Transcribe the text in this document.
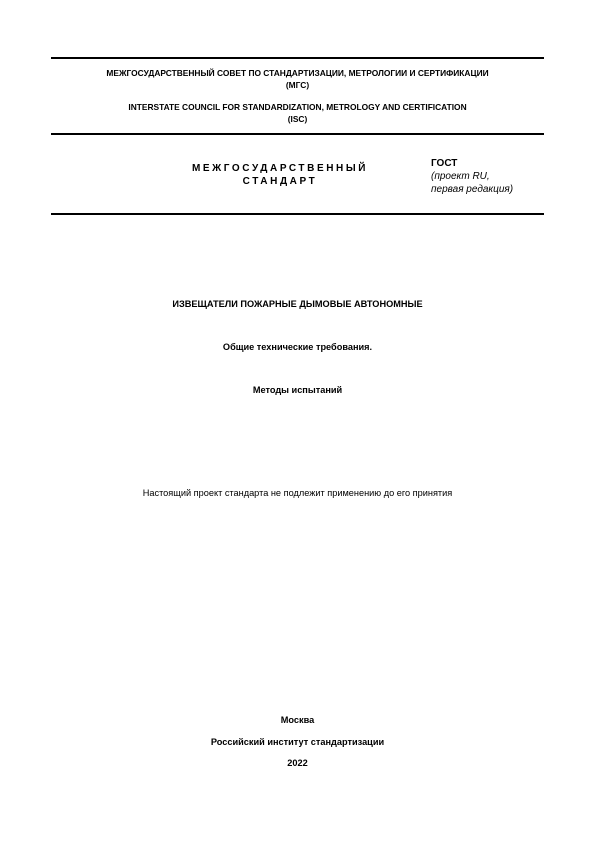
МЕЖГОСУДАРСТВЕННЫЙ СОВЕТ ПО СТАНДАРТИЗАЦИИ, МЕТРОЛОГИИ И СЕРТИФИКАЦИИ
(МГС)
INTERSTATE COUNCIL FOR STANDARDIZATION, METROLOGY AND CERTIFICATION
(ISC)
МЕЖГОСУДАРСТВЕННЫЙ
СТАНДАРТ
ГОСТ
(проект RU,
первая редакция)
ИЗВЕЩАТЕЛИ ПОЖАРНЫЕ ДЫМОВЫЕ АВТОНОМНЫЕ
Общие технические требования.
Методы испытаний
Настоящий проект стандарта не подлежит применению до его принятия
Москва
Российский институт стандартизации
2022
